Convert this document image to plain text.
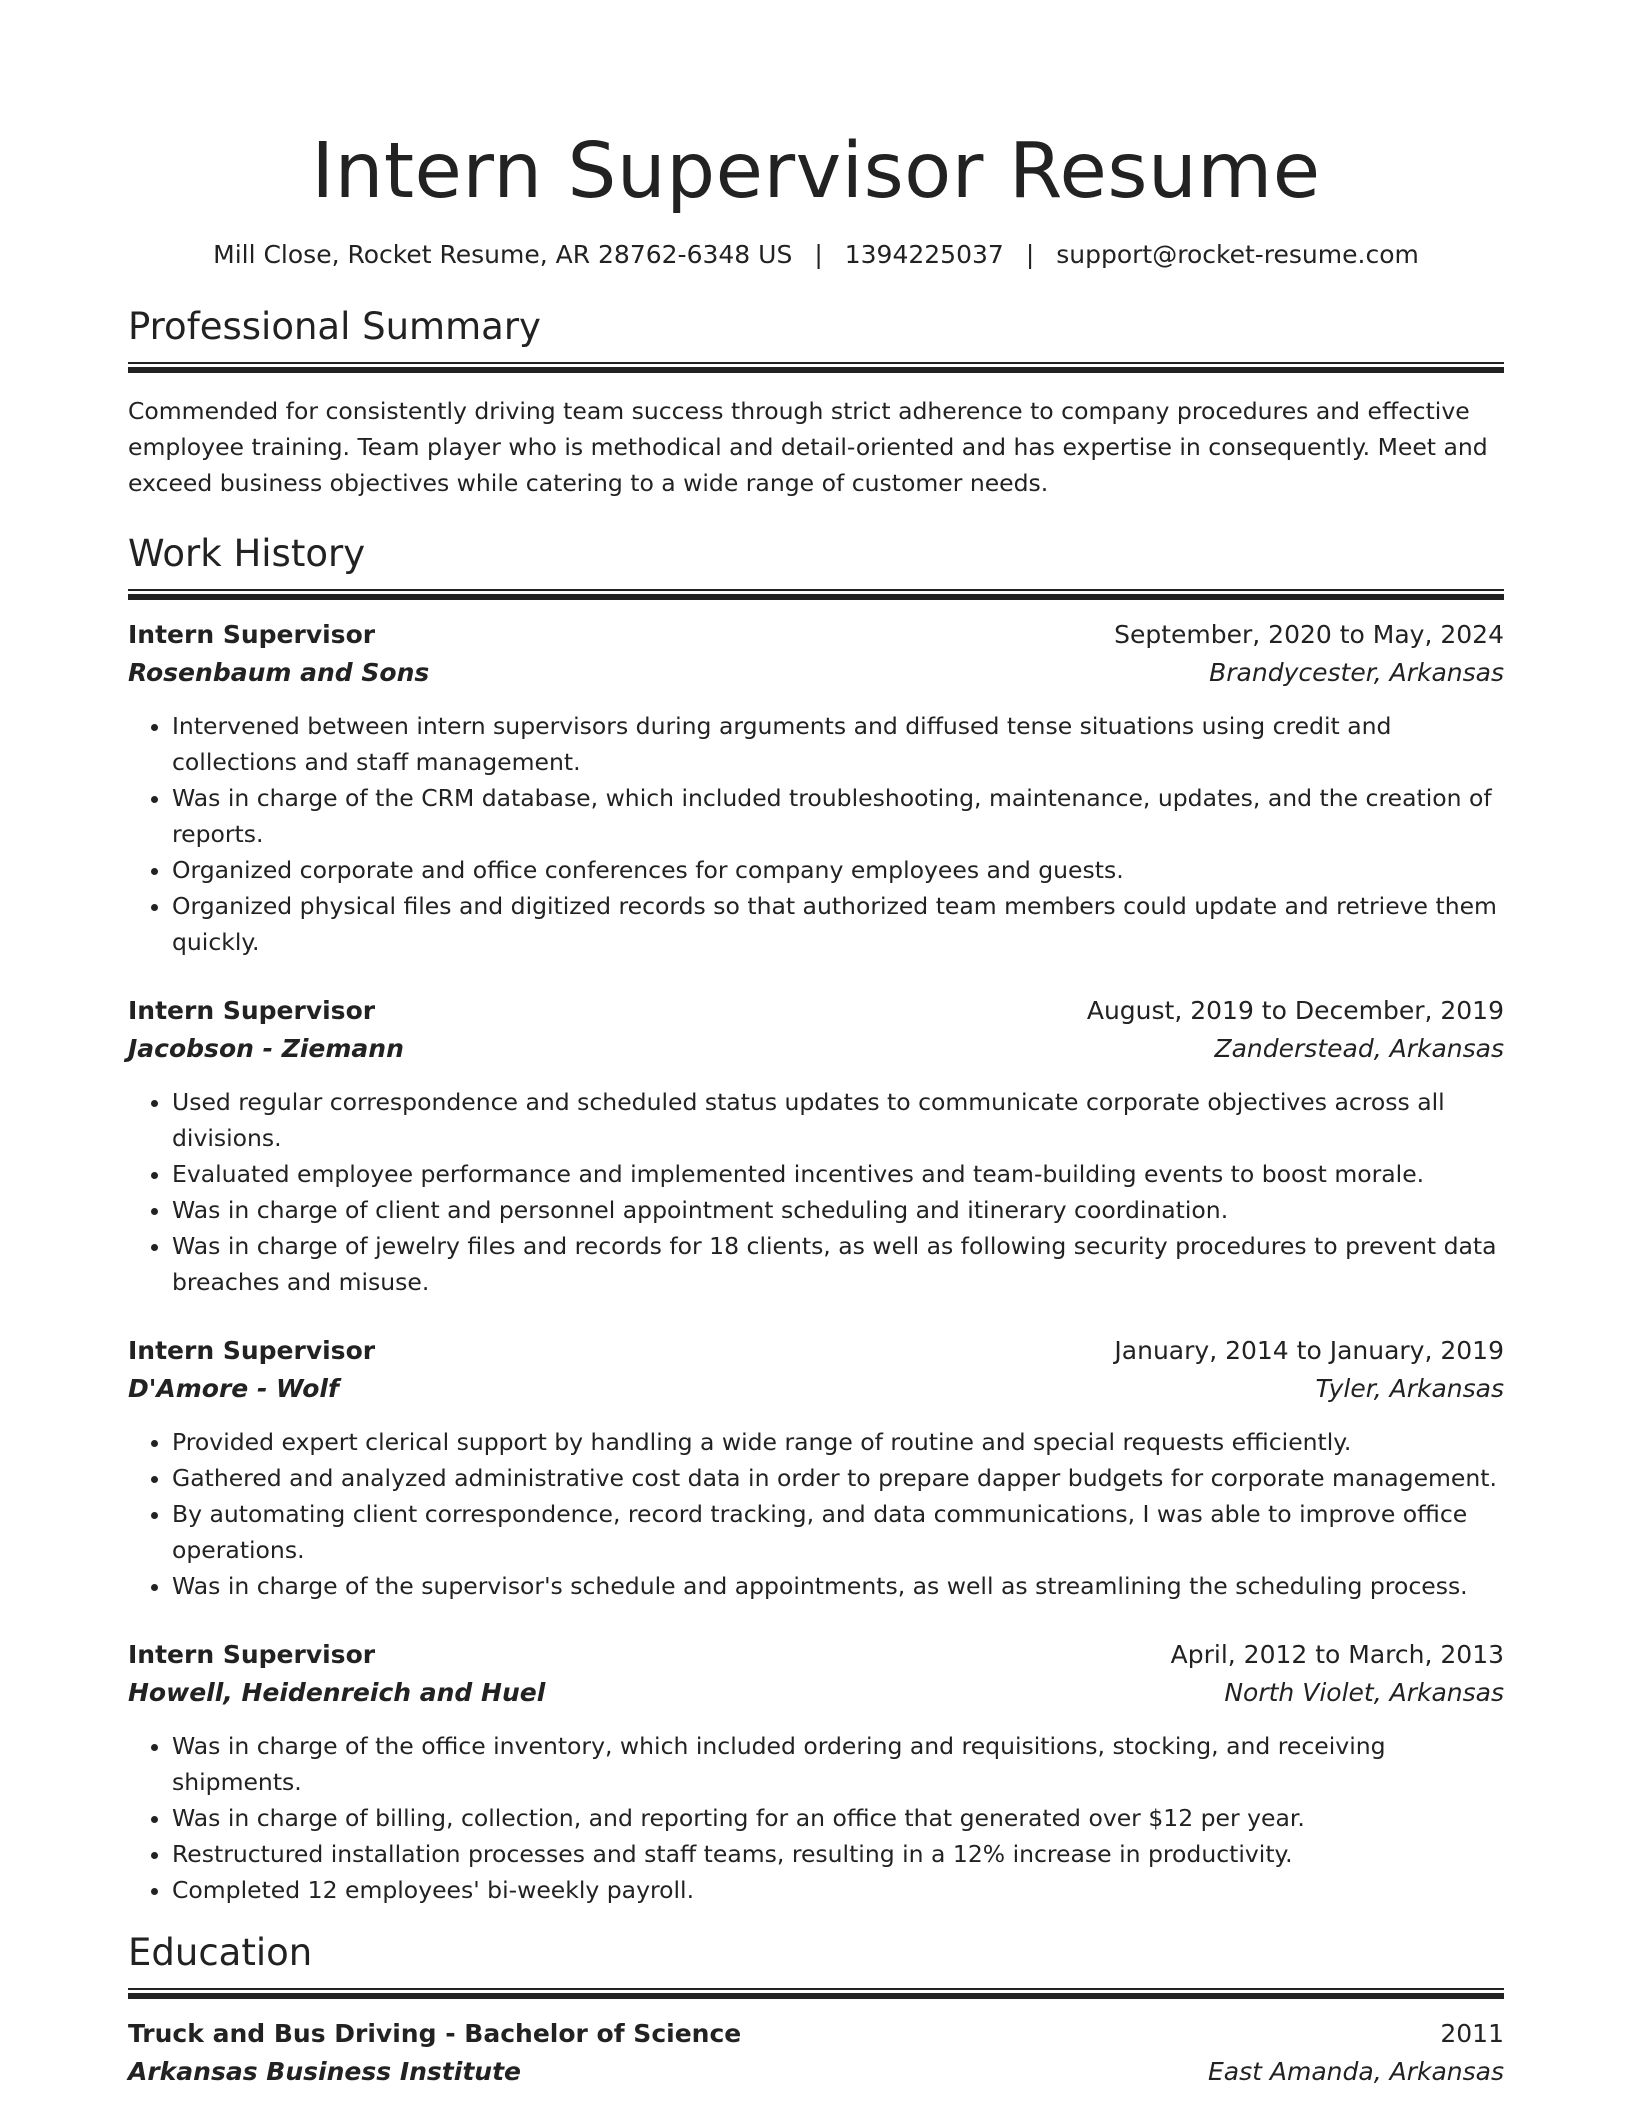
Intern Supervisor Resume
Mill Close, Rocket Resume, AR 28762-6348 US | 1394225037 | support@rocket-resume.com
Professional Summary

Commended for consistently driving team success through strict adherence to company procedures and effective employee training. Team player who is methodical and detail-oriented and has expertise in consequently. Meet and exceed business objectives while catering to a wide range of customer needs.

Work History
Intern Supervisor	September, 2020 to May, 2024
Rosenbaum and Sons	Brandycester, Arkansas
• Intervened between intern supervisors during arguments and diffused tense situations using credit and collections and staff management.
• Was in charge of the CRM database, which included troubleshooting, maintenance, updates, and the creation of reports.
• Organized corporate and office conferences for company employees and guests.
• Organized physical files and digitized records so that authorized team members could update and retrieve them quickly.
Intern Supervisor	August, 2019 to December, 2019
Jacobson - Ziemann	Zanderstead, Arkansas
• Used regular correspondence and scheduled status updates to communicate corporate objectives across all divisions.
• Evaluated employee performance and implemented incentives and team-building events to boost morale.
• Was in charge of client and personnel appointment scheduling and itinerary coordination.
• Was in charge of jewelry files and records for 18 clients, as well as following security procedures to prevent data breaches and misuse.
Intern Supervisor	January, 2014 to January, 2019
D'Amore - Wolf	Tyler, Arkansas
• Provided expert clerical support by handling a wide range of routine and special requests efficiently.
• Gathered and analyzed administrative cost data in order to prepare dapper budgets for corporate management.
• By automating client correspondence, record tracking, and data communications, I was able to improve office operations.
• Was in charge of the supervisor's schedule and appointments, as well as streamlining the scheduling process.
Intern Supervisor	April, 2012 to March, 2013
Howell, Heidenreich and Huel	North Violet, Arkansas
• Was in charge of the office inventory, which included ordering and requisitions, stocking, and receiving shipments.
• Was in charge of billing, collection, and reporting for an office that generated over $12 per year.
• Restructured installation processes and staff teams, resulting in a 12% increase in productivity.
• Completed 12 employees' bi-weekly payroll.
Education
Truck and Bus Driving - Bachelor of Science	2011
Arkansas Business Institute	East Amanda, Arkansas
